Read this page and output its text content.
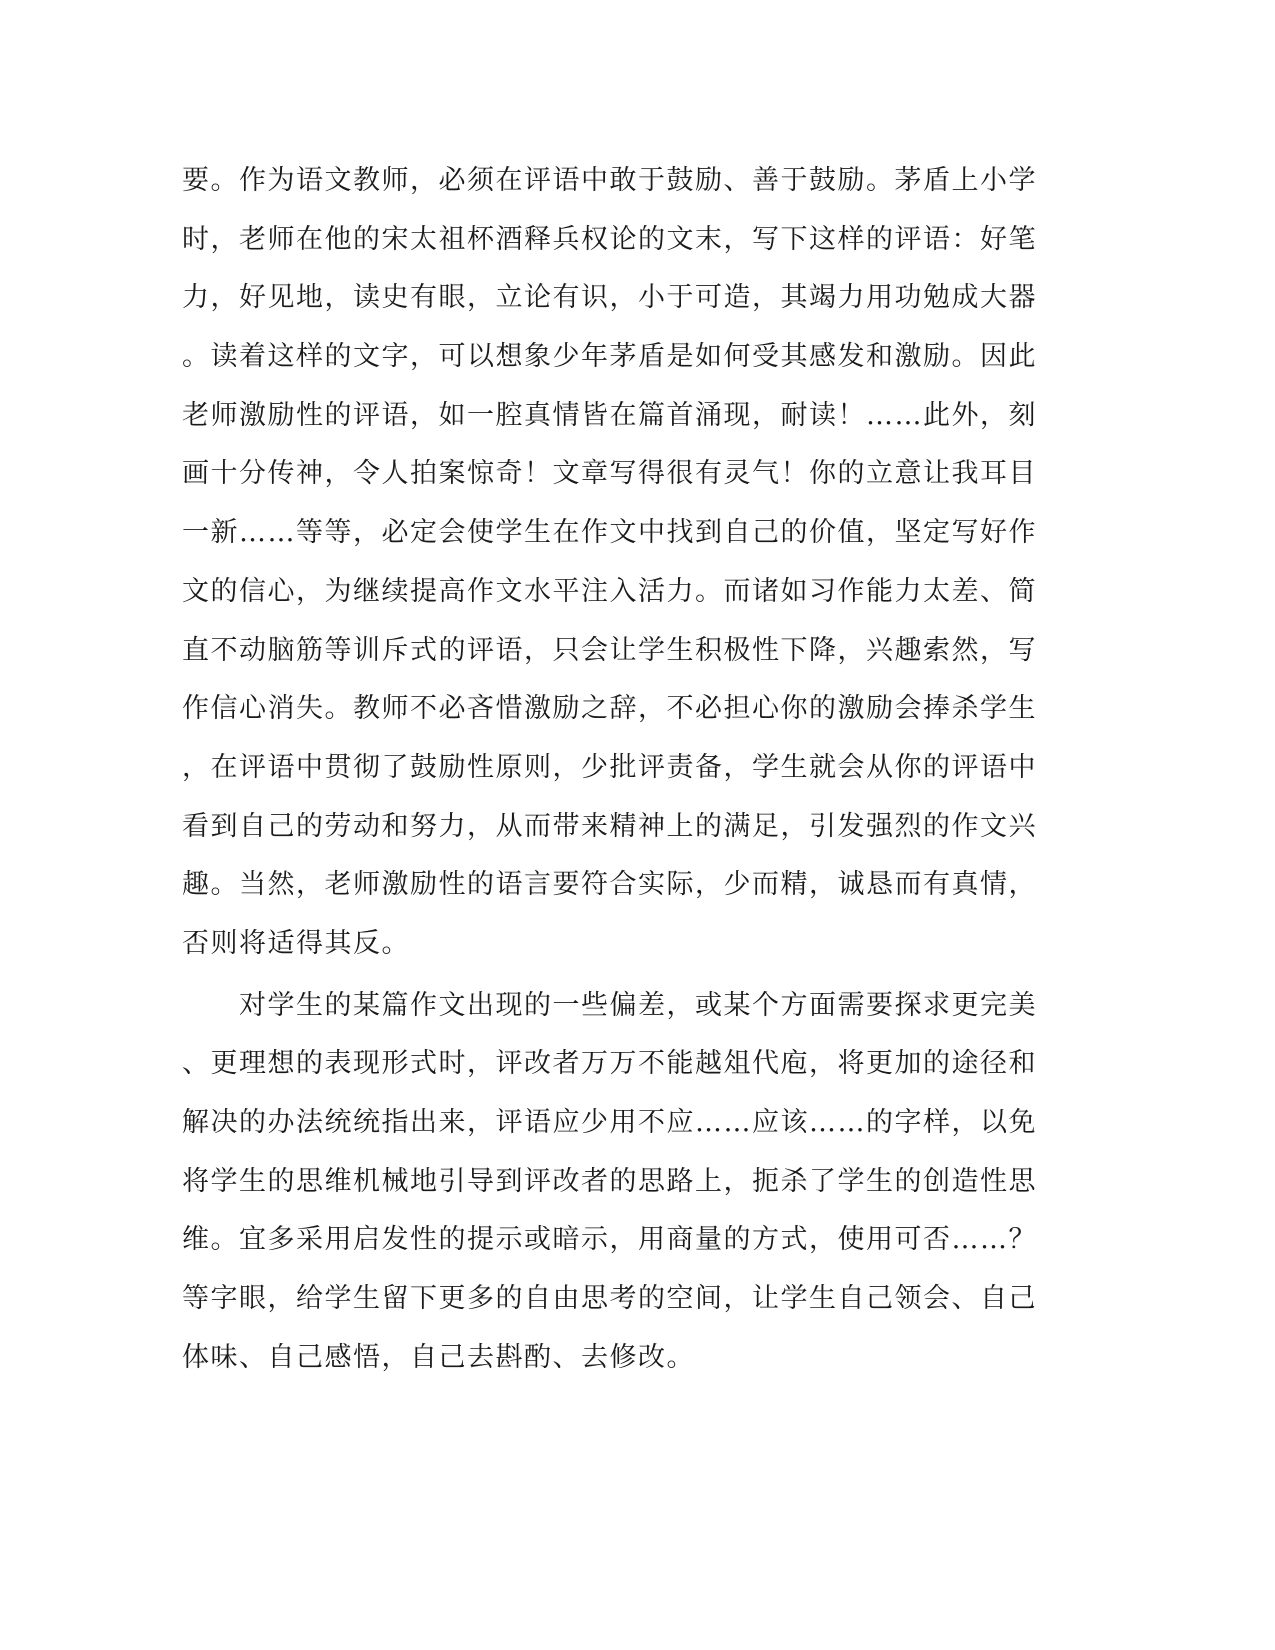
要。作为语文教师，必须在评语中敢于鼓励、善于鼓励。茅盾上小学
时，老师在他的宋太祖杯酒释兵权论的文末，写下这样的评语：好笔
力，好见地，读史有眼，立论有识，小于可造，其竭力用功勉成大器
。读着这样的文字，可以想象少年茅盾是如何受其感发和激励。因此
老师激励性的评语，如一腔真情皆在篇首涌现，耐读！……此外，刻
画十分传神，令人拍案惊奇！文章写得很有灵气！你的立意让我耳目
一新……等等，必定会使学生在作文中找到自己的价值，坚定写好作
文的信心，为继续提高作文水平注入活力。而诸如习作能力太差、简
直不动脑筋等训斥式的评语，只会让学生积极性下降，兴趣索然，写
作信心消失。教师不必吝惜激励之辞，不必担心你的激励会捧杀学生
，在评语中贯彻了鼓励性原则，少批评责备，学生就会从你的评语中
看到自己的劳动和努力，从而带来精神上的满足，引发强烈的作文兴
趣。当然，老师激励性的语言要符合实际，少而精，诚恳而有真情，
否则将适得其反。
　　对学生的某篇作文出现的一些偏差，或某个方面需要探求更完美
、更理想的表现形式时，评改者万万不能越俎代庖，将更加的途径和
解决的办法统统指出来，评语应少用不应……应该……的字样，以免
将学生的思维机械地引导到评改者的思路上，扼杀了学生的创造性思
维。宜多采用启发性的提示或暗示，用商量的方式，使用可否……？
等字眼，给学生留下更多的自由思考的空间，让学生自己领会、自己
体味、自己感悟，自己去斟酌、去修改。
